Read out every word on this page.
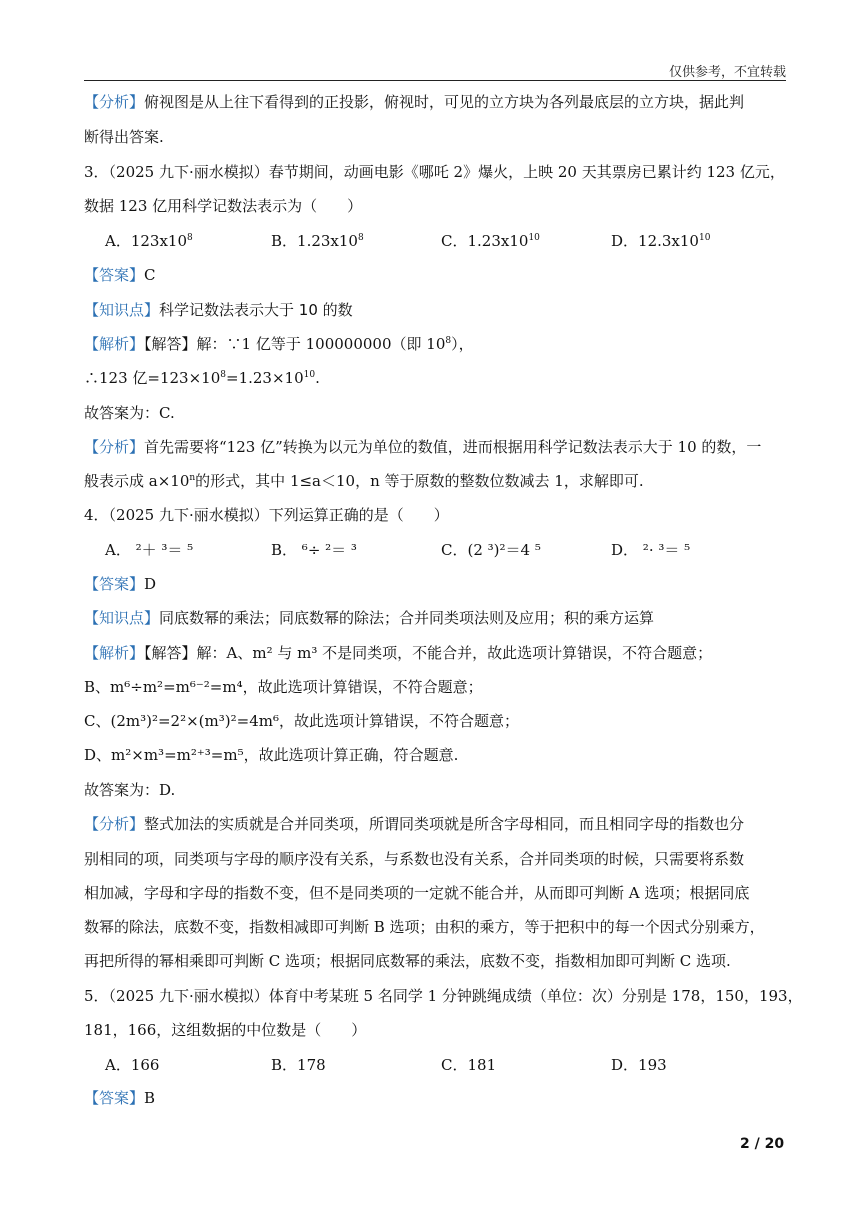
仅供参考，不宜转载
【分析】俯视图是从上往下看得到的正投影，俯视时，可见的立方块为各列最底层的立方块，据此判
断得出答案.
3．（2025 九下·丽水模拟）春节期间，动画电影《哪吒 2》爆火，上映 20 天其票房已累计约 123 亿元，
数据 123 亿用科学记数法表示为（　　）
A．$123x10^8$	B．$1.23x10^8$	C．$1.23x10^{10}$	D．$12.3x10^{10}$
【答案】C
【知识点】科学记数法表示大于 10 的数
【解析】【解答】解：∵1 亿等于 100000000（即 $10^8$），
∴123 亿$=123\times 10^8=1.23\times 10^{10}$.
故答案为：C.
【分析】首先需要将“123 亿”转换为以元为单位的数值，进而根据用科学记数法表示大于 10 的数，一
般表示成 $a\times 10^n$的形式，其中 1≤a＜10，n 等于原数的整数位数减去 1，求解即可.
4．（2025 九下·丽水模拟）下列运算正确的是（　　）
A． ²＋ ³＝ ⁵	B． ⁶÷ ²＝ ³	C．(2 ³)²＝4 ⁵	D． ²· ³＝ ⁵
【答案】D
【知识点】同底数幂的乘法；同底数幂的除法；合并同类项法则及应用；积的乘方运算
【解析】【解答】解：A、m² 与 m³ 不是同类项，不能合并，故此选项计算错误，不符合题意；
B、m⁶÷m²=m⁶⁻²=m⁴，故此选项计算错误，不符合题意；
C、(2m³)²=2²×(m³)²=4m⁶，故此选项计算错误，不符合题意；
D、m²×m³=m²⁺³=m⁵，故此选项计算正确，符合题意.
故答案为：D.
【分析】整式加法的实质就是合并同类项，所谓同类项就是所含字母相同，而且相同字母的指数也分
别相同的项，同类项与字母的顺序没有关系，与系数也没有关系，合并同类项的时候，只需要将系数
相加减，字母和字母的指数不变，但不是同类项的一定就不能合并，从而即可判断 A 选项；根据同底
数幂的除法，底数不变，指数相减即可判断 B 选项；由积的乘方，等于把积中的每一个因式分别乘方，
再把所得的幂相乘即可判断 C 选项；根据同底数幂的乘法，底数不变，指数相加即可判断 C 选项.
5．（2025 九下·丽水模拟）体育中考某班 5 名同学 1 分钟跳绳成绩（单位：次）分别是 178，150，193，
181，166，这组数据的中位数是（　　）
A．166	B．178	C．181	D．193
【答案】B
2 / 20
